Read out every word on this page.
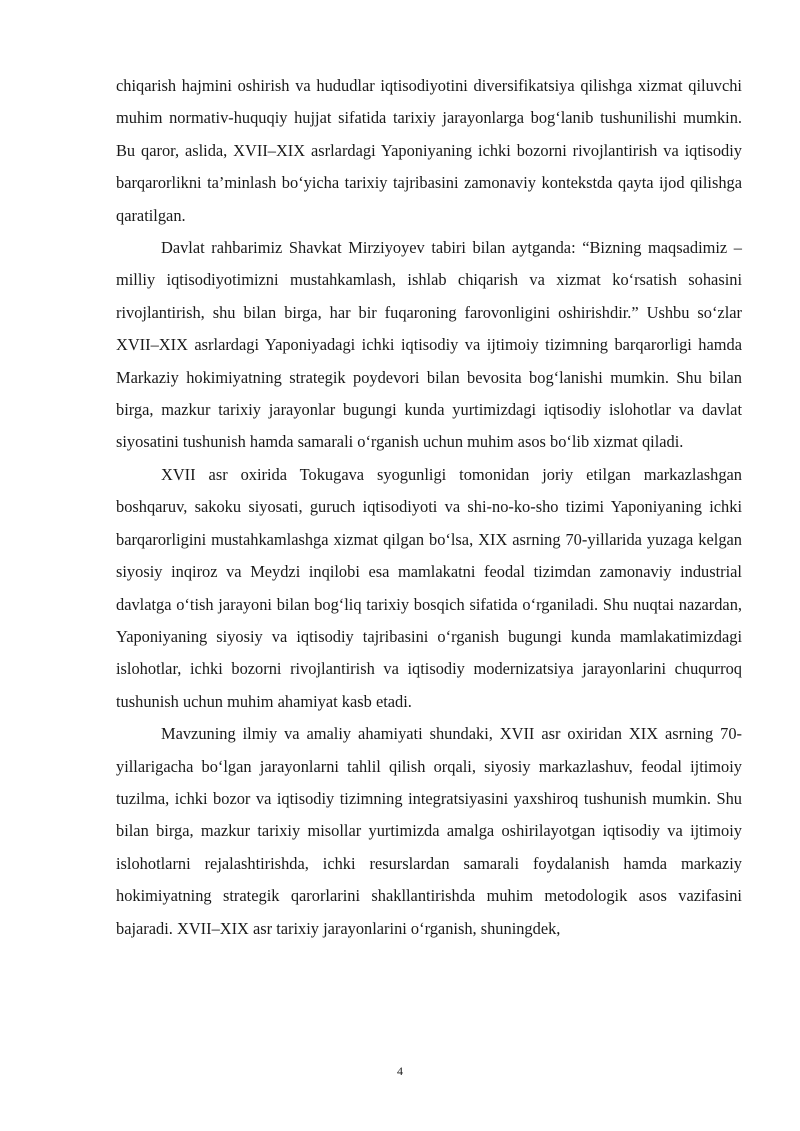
chiqarish hajmini oshirish va hududlar iqtisodiyotini diversifikatsiya qilishga xizmat qiluvchi muhim normativ-huquqiy hujjat sifatida tarixiy jarayonlarga bog‘lanib tushunilishi mumkin. Bu qaror, aslida, XVII–XIX asrlardagi Yaponiyaning ichki bozorni rivojlantirish va iqtisodiy barqarorlikni ta’minlash bo‘yicha tarixiy tajribasini zamonaviy kontekstda qayta ijod qilishga qaratilgan.

Davlat rahbarimiz Shavkat Mirziyoyev tabiri bilan aytganda: “Bizning maqsadimiz – milliy iqtisodiyotimizni mustahkamlash, ishlab chiqarish va xizmat ko‘rsatish sohasini rivojlantirish, shu bilan birga, har bir fuqaroning farovonligini oshirishdir.” Ushbu so‘zlar XVII–XIX asrlardagi Yaponiyadagi ichki iqtisodiy va ijtimoiy tizimning barqarorligi hamda Markaziy hokimiyatning strategik poydevori bilan bevosita bog‘lanishi mumkin. Shu bilan birga, mazkur tarixiy jarayonlar bugungi kunda yurtimizdagi iqtisodiy islohotlar va davlat siyosatini tushunish hamda samarali o‘rganish uchun muhim asos bo‘lib xizmat qiladi.

XVII asr oxirida Tokugava syogunligi tomonidan joriy etilgan markazlashgan boshqaruv, sakoku siyosati, guruch iqtisodiyoti va shi-no-ko-sho tizimi Yaponiyaning ichki barqarorligini mustahkamlashga xizmat qilgan bo‘lsa, XIX asrning 70-yillarida yuzaga kelgan siyosiy inqiroz va Meydzi inqilobi esa mamlakatni feodal tizimdan zamonaviy industrial davlatga o‘tish jarayoni bilan bog‘liq tarixiy bosqich sifatida o‘rganiladi. Shu nuqtai nazardan, Yaponiyaning siyosiy va iqtisodiy tajribasini o‘rganish bugungi kunda mamlakatimizdagi islohotlar, ichki bozorni rivojlantirish va iqtisodiy modernizatsiya jarayonlarini chuqurroq tushunish uchun muhim ahamiyat kasb etadi.

Mavzuning ilmiy va amaliy ahamiyati shundaki, XVII asr oxiridan XIX asrning 70-yillarigacha bo‘lgan jarayonlarni tahlil qilish orqali, siyosiy markazlashuv, feodal ijtimoiy tuzilma, ichki bozor va iqtisodiy tizimning integratsiyasini yaxshiroq tushunish mumkin. Shu bilan birga, mazkur tarixiy misollar yurtimizda amalga oshirilayotgan iqtisodiy va ijtimoiy islohotlarni rejalashtirishda, ichki resurslardan samarali foydalanish hamda markaziy hokimiyatning strategik qarorlarini shakllantirishda muhim metodologik asos vazifasini bajaradi. XVII–XIX asr tarixiy jarayonlarini o‘rganish, shuningdek,

4
